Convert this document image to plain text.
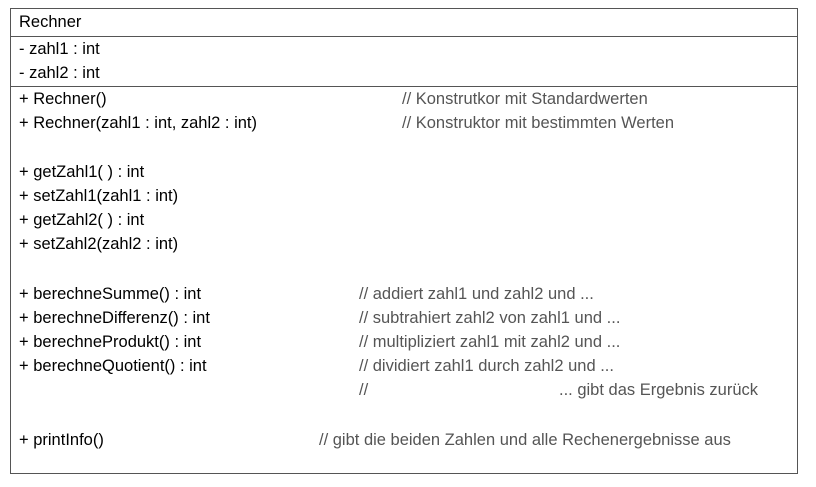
Rechner
- zahl1 : int
- zahl2 : int
+ Rechner()	// Konstrutkor mit Standardwerten
+ Rechner(zahl1 : int, zahl2 : int)	// Konstruktor mit bestimmten Werten
+ getZahl1( ) : int
+ setZahl1(zahl1 : int)
+ getZahl2( ) : int
+ setZahl2(zahl2 : int)
+ berechneSumme() : int	// addiert zahl1 und zahl2 und ...
+ berechneDifferenz() : int	// subtrahiert zahl2 von zahl1 und ...
+ berechneProdukt() : int	// multipliziert zahl1 mit zahl2 und ...
+ berechneQuotient() : int	// dividiert zahl1 durch zahl2 und ...
//	... gibt das Ergebnis zurück
+ printInfo()	// gibt die beiden Zahlen und alle Rechenergebnisse aus
